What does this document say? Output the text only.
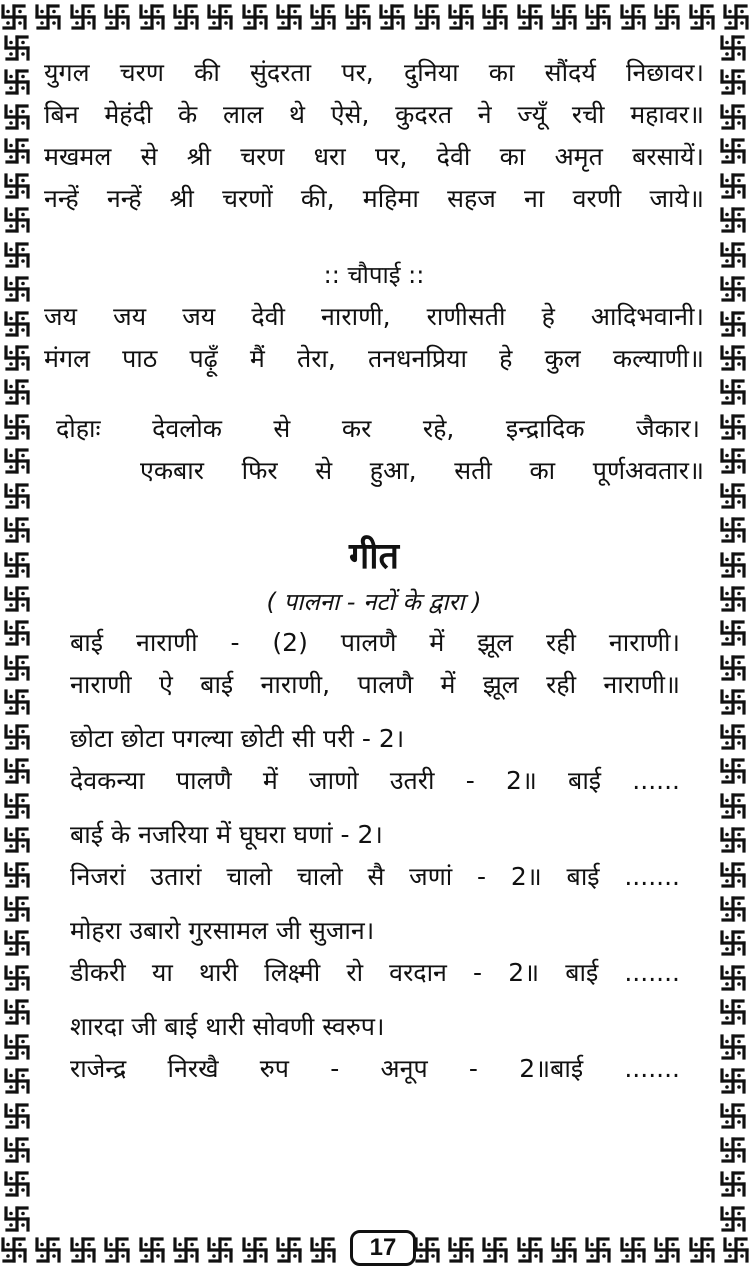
17

युगल चरण की सुंदरता पर, दुनिया का सौंदर्य निछावर।

बिन मेहंदी के लाल थे ऐसे, कुदरत ने ज्यूँ रची महावर॥

मखमल से श्री चरण धरा पर, देवी का अमृत बरसायें।

नन्हें नन्हें श्री चरणों की, महिमा सहज ना वरणी जाये॥

:: चौपाई ::

जय जय जय देवी नाराणी, राणीसती हे आदिभवानी।

मंगल पाठ पढ़ूँ मैं तेरा, तनधनप्रिया हे कुल कल्याणी॥

दोहाः देवलोक से कर रहे, इन्द्रादिक जैकार।

एकबार फिर से हुआ, सती का पूर्णअवतार॥

गीत

( पालना - नटों के द्वारा )

बाई नाराणी - (2) पालणै में झूल रही नाराणी।

नाराणी ऐ बाई नाराणी, पालणै में झूल रही नाराणी॥

छोटा छोटा पगल्या छोटी सी परी - 2।

देवकन्या पालणै में जाणो उतरी - 2॥ बाई ......

बाई के नजरिया में घूघरा घणां - 2।

निजरां उतारां चालो चालो सै जणां - 2॥ बाई .......

मोहरा उबारो गुरसामल जी सुजान।

डीकरी या थारी लिक्ष्मी रो वरदान - 2॥ बाई .......

शारदा जी बाई थारी सोवणी स्वरुप।

राजेन्द्र निरखै रुप - अनूप - 2॥बाई .......
